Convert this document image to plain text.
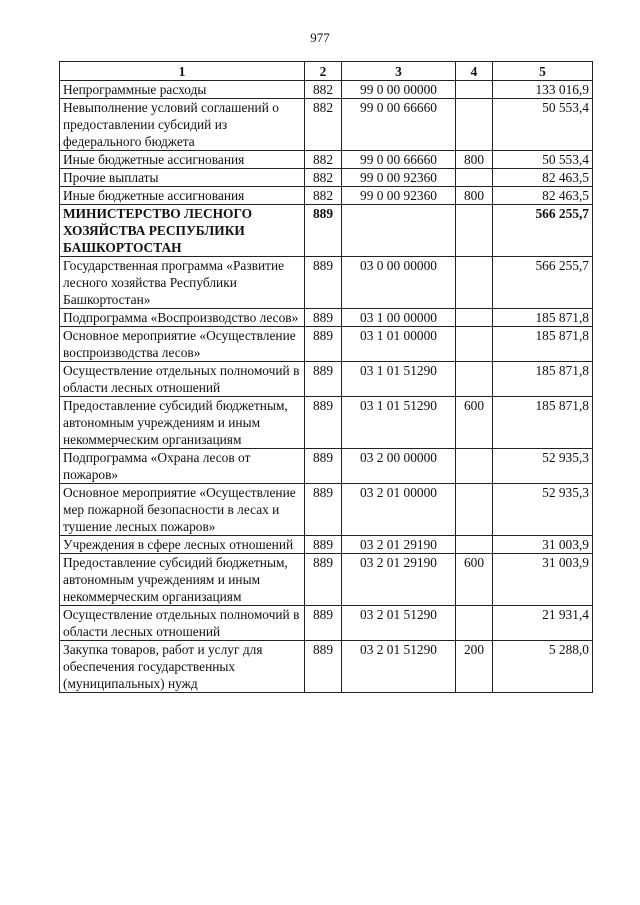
977
1	2	3	4	5
Непрограммные расходы	882	99 0 00 00000		133 016,9
Невыполнение условий соглашений о предоставлении субсидий из федерального бюджета	882	99 0 00 66660		50 553,4
Иные бюджетные ассигнования	882	99 0 00 66660	800	50 553,4
Прочие выплаты	882	99 0 00 92360		82 463,5
Иные бюджетные ассигнования	882	99 0 00 92360	800	82 463,5
МИНИСТЕРСТВО ЛЕСНОГО ХОЗЯЙСТВА РЕСПУБЛИКИ БАШКОРТОСТАН	889			566 255,7
Государственная программа «Развитие лесного хозяйства Республики Башкортостан»	889	03 0 00 00000		566 255,7
Подпрограмма «Воспроизводство лесов»	889	03 1 00 00000		185 871,8
Основное мероприятие «Осуществление воспроизводства лесов»	889	03 1 01 00000		185 871,8
Осуществление отдельных полномочий в области лесных отношений	889	03 1 01 51290		185 871,8
Предоставление субсидий бюджетным, автономным учреждениям и иным некоммерческим организациям	889	03 1 01 51290	600	185 871,8
Подпрограмма «Охрана лесов от пожаров»	889	03 2 00 00000		52 935,3
Основное мероприятие «Осуществление мер пожарной безопасности в лесах и тушение лесных пожаров»	889	03 2 01 00000		52 935,3
Учреждения в сфере лесных отношений	889	03 2 01 29190		31 003,9
Предоставление субсидий бюджетным, автономным учреждениям и иным некоммерческим организациям	889	03 2 01 29190	600	31 003,9
Осуществление отдельных полномочий в области лесных отношений	889	03 2 01 51290		21 931,4
Закупка товаров, работ и услуг для обеспечения государственных (муниципальных) нужд	889	03 2 01 51290	200	5 288,0
